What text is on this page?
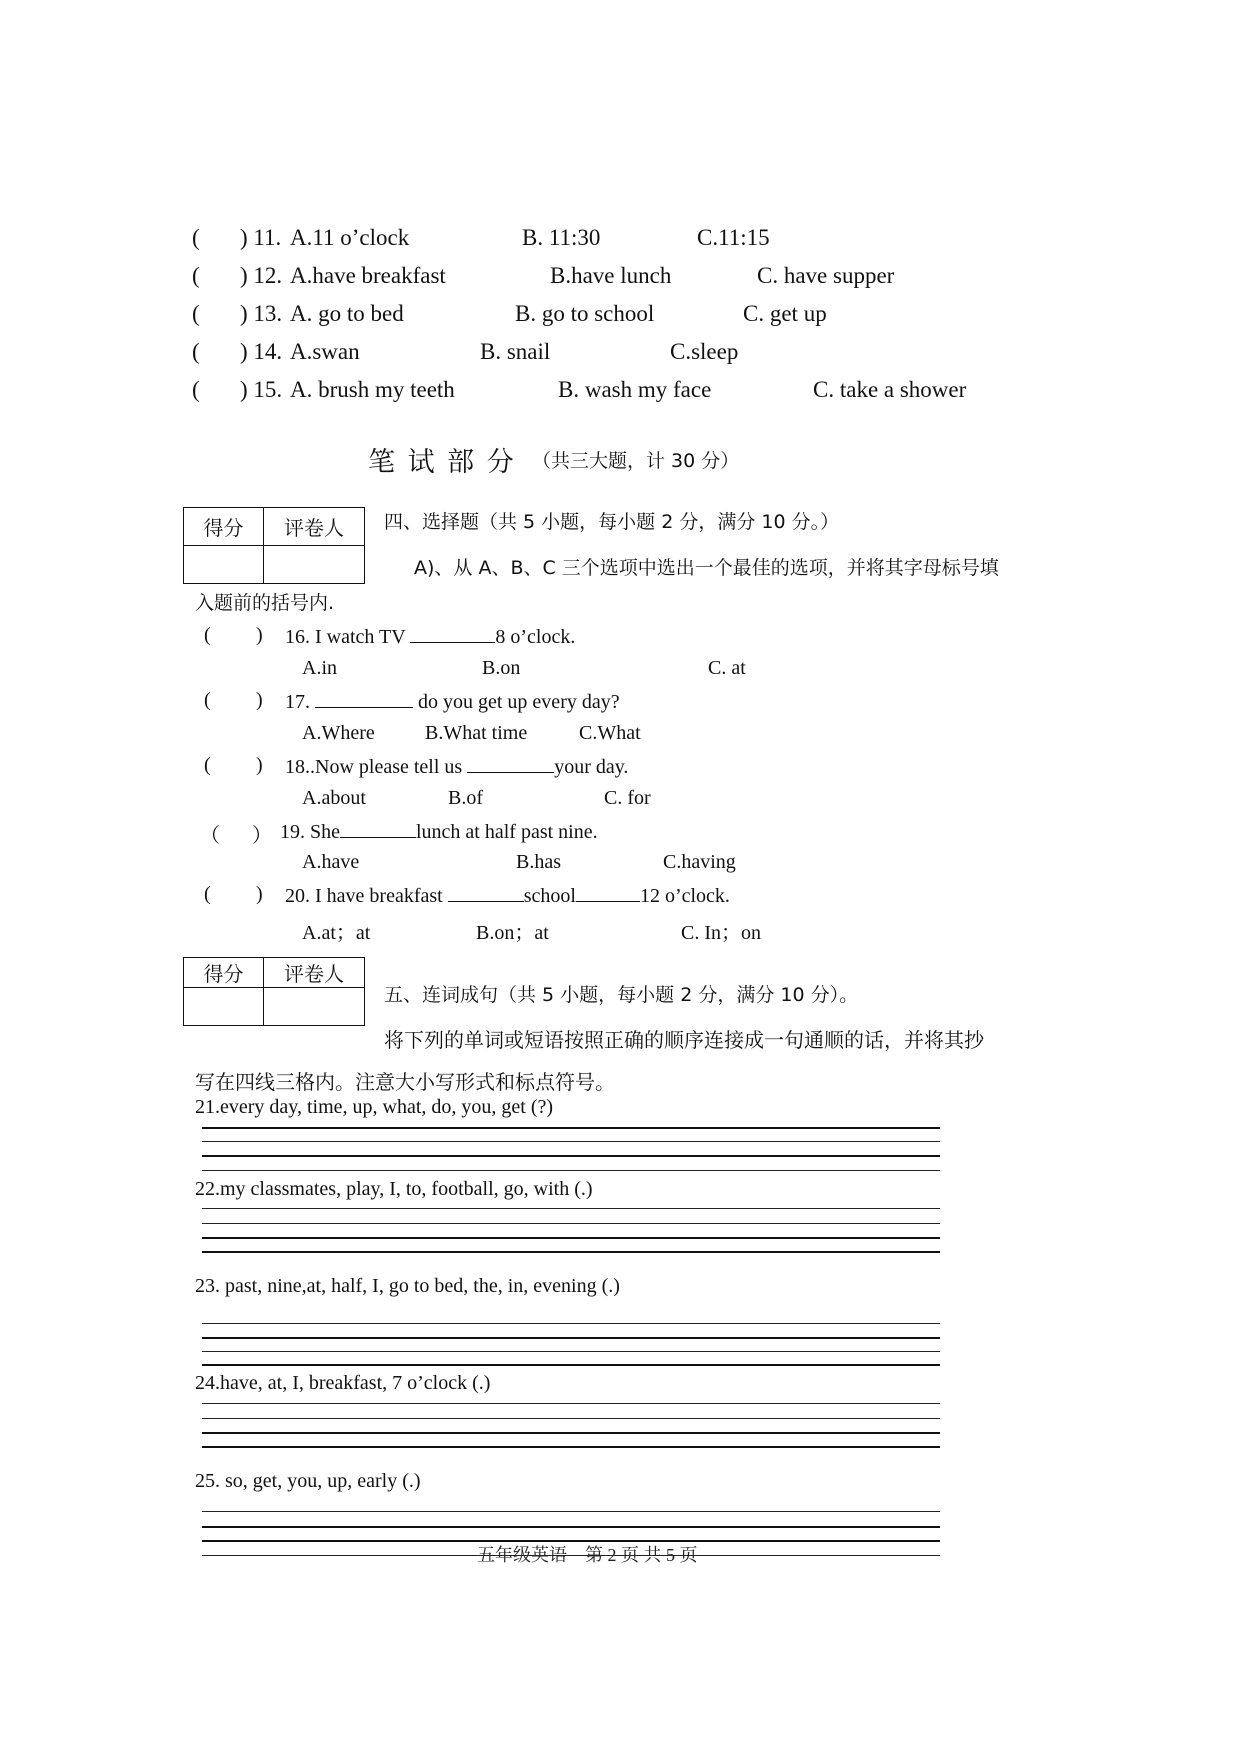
( ) 11. A.11 o’clock	B. 11:30	C.11:15
( ) 12. A.have breakfast	B.have lunch	C. have supper
( ) 13. A. go to bed	B. go to school	C. get up
( ) 14. A.swan	B. snail	C.sleep
( ) 15. A. brush my teeth	B. wash my face	C. take a shower
笔 试 部 分 （共三大题，计 30 分）
得分	评卷人
	四、选择题（共 5 小题，每小题 2 分，满分 10 分。）
A)、从 A、B、C 三个选项中选出一个最佳的选项，并将其字母标号填
入题前的括号内.
( ) 16. I watch TV	8 o’clock.
A.in	B.on	C. at
( ) 17.	do you get up every day?
A.Where	B.What time	C.What
( ) 18..Now please tell us	your day.
A.about	B.of	C. for
（ ） 19. She	lunch at half past nine.
A.have	B.has	C.having
( ) 20. I have breakfast	school	12 o’clock.
A.at；at	B.on；at	C. In；on
得分	评卷人

五、连词成句（共 5 小题，每小题 2 分，满分 10 分）。
将下列的单词或短语按照正确的顺序连接成一句通顺的话，并将其抄
写在四线三格内。注意大小写形式和标点符号。
21.every day, time, up, what, do, you, get (?)
22.my classmates, play, I, to, football, go, with (.)
23. past, nine,at, half, I, go to bed, the, in, evening (.)
24.have, at, I, breakfast, 7 o’clock (.)
25. so, get, you, up, early (.)
五年级英语　第 2 页 共 5 页
